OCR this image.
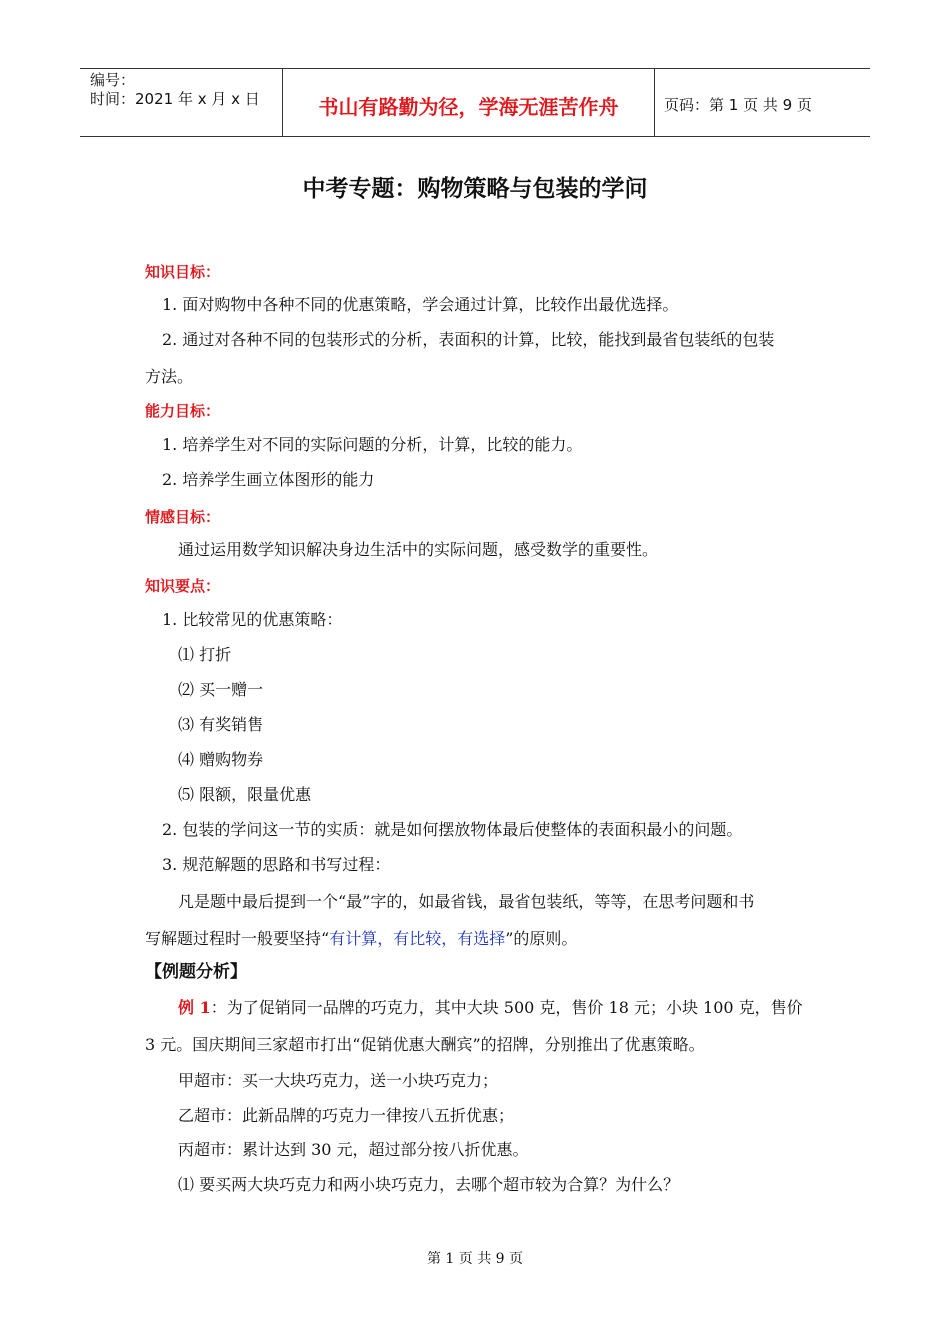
编号：
时间：2021 年 x 月 x 日	书山有路勤为径，学海无涯苦作舟	页码：第 1 页 共 9 页
中考专题：购物策略与包装的学问
知识目标：
1. 面对购物中各种不同的优惠策略，学会通过计算，比较作出最优选择。
2. 通过对各种不同的包装形式的分析，表面积的计算，比较，能找到最省包装纸的包装
方法。
能力目标：
1. 培养学生对不同的实际问题的分析，计算，比较的能力。
2. 培养学生画立体图形的能力
情感目标：
通过运用数学知识解决身边生活中的实际问题，感受数学的重要性。
知识要点：
1. 比较常见的优惠策略：
⑴ 打折
⑵ 买一赠一
⑶ 有奖销售
⑷ 赠购物券
⑸ 限额，限量优惠
2. 包装的学问这一节的实质：就是如何摆放物体最后使整体的表面积最小的问题。
3. 规范解题的思路和书写过程：
凡是题中最后提到一个“最”字的，如最省钱，最省包装纸，等等，在思考问题和书
写解题过程时一般要坚持“有计算，有比较，有选择”的原则。
【例题分析】
例 1：为了促销同一品牌的巧克力，其中大块 500 克，售价 18 元；小块 100 克，售价
3 元。国庆期间三家超市打出“促销优惠大酬宾”的招牌，分别推出了优惠策略。
甲超市：买一大块巧克力，送一小块巧克力；
乙超市：此新品牌的巧克力一律按八五折优惠；
丙超市：累计达到 30 元，超过部分按八折优惠。
⑴ 要买两大块巧克力和两小块巧克力，去哪个超市较为合算？为什么？
第 1 页 共 9 页
